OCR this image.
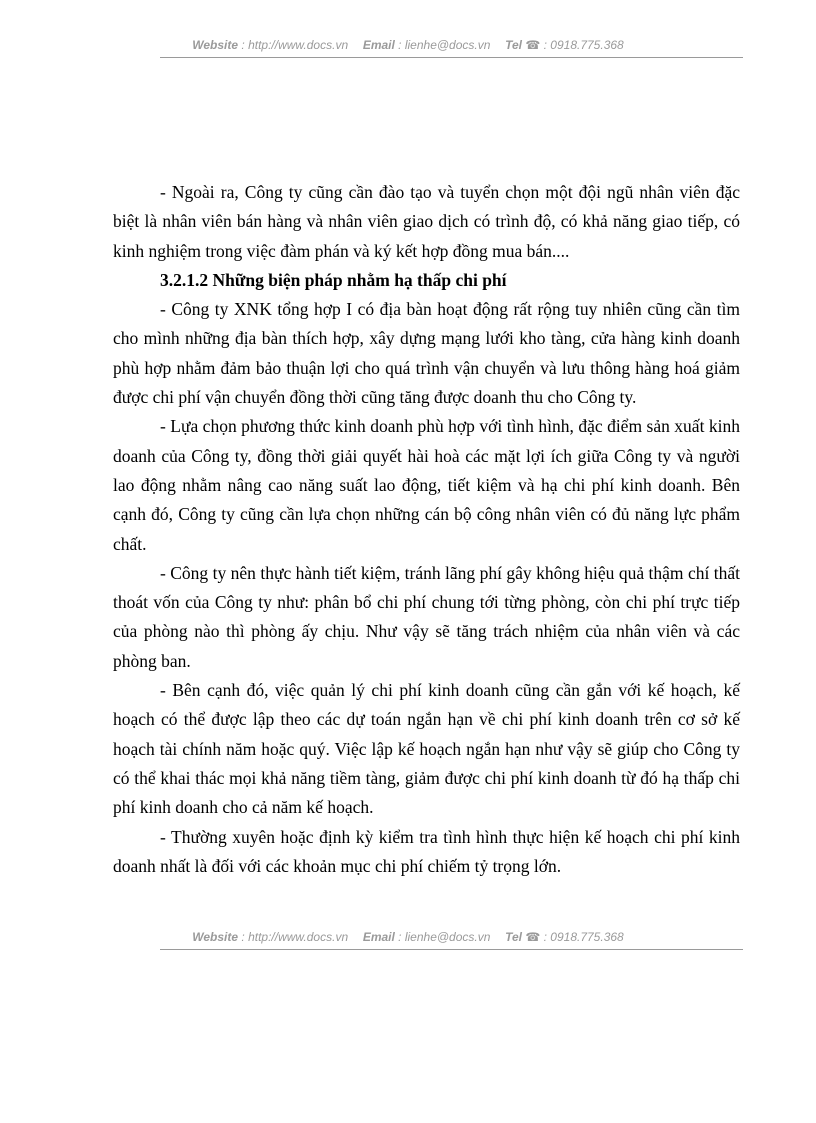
Website : http://www.docs.vn Email : lienhe@docs.vn Tel ☎ : 0918.775.368

- Ngoài ra, Công ty cũng cần đào tạo và tuyển chọn một đội ngũ nhân viên đặc biệt là nhân viên bán hàng và nhân viên giao dịch có trình độ, có khả năng giao tiếp, có kinh nghiệm trong việc đàm phán và ký kết hợp đồng mua bán....

3.2.1.2 Những biện pháp nhằm hạ thấp chi phí

- Công ty XNK tổng hợp I có địa bàn hoạt động rất rộng tuy nhiên cũng cần tìm cho mình những địa bàn thích hợp, xây dựng mạng lưới kho tàng, cửa hàng kinh doanh phù hợp nhằm đảm bảo thuận lợi cho quá trình vận chuyển và lưu thông hàng hoá giảm được chi phí vận chuyển đồng thời cũng tăng được doanh thu cho Công ty.

- Lựa chọn phương thức kinh doanh phù hợp với tình hình, đặc điểm sản xuất kinh doanh của Công ty, đồng thời giải quyết hài hoà các mặt lợi ích giữa Công ty và người lao động nhằm nâng cao năng suất lao động, tiết kiệm và hạ chi phí kinh doanh. Bên cạnh đó, Công ty cũng cần lựa chọn những cán bộ công nhân viên có đủ năng lực phẩm chất.

- Công ty nên thực hành tiết kiệm, tránh lãng phí gây không hiệu quả thậm chí thất thoát vốn của Công ty như: phân bổ chi phí chung tới từng phòng, còn chi phí trực tiếp của phòng nào thì phòng ấy chịu. Như vậy sẽ tăng trách nhiệm của nhân viên và các phòng ban.

- Bên cạnh đó, việc quản lý chi phí kinh doanh cũng cần gắn với kế hoạch, kế hoạch có thể được lập theo các dự toán ngắn hạn về chi phí kinh doanh trên cơ sở kế hoạch tài chính năm hoặc quý. Việc lập kế hoạch ngắn hạn như vậy sẽ giúp cho Công ty có thể khai thác mọi khả năng tiềm tàng, giảm được chi phí kinh doanh từ đó hạ thấp chi phí kinh doanh cho cả năm kế hoạch.

- Thường xuyên hoặc định kỳ kiểm tra tình hình thực hiện kế hoạch chi phí kinh doanh nhất là đối với các khoản mục chi phí chiếm tỷ trọng lớn.

Website : http://www.docs.vn Email : lienhe@docs.vn Tel ☎ : 0918.775.368
